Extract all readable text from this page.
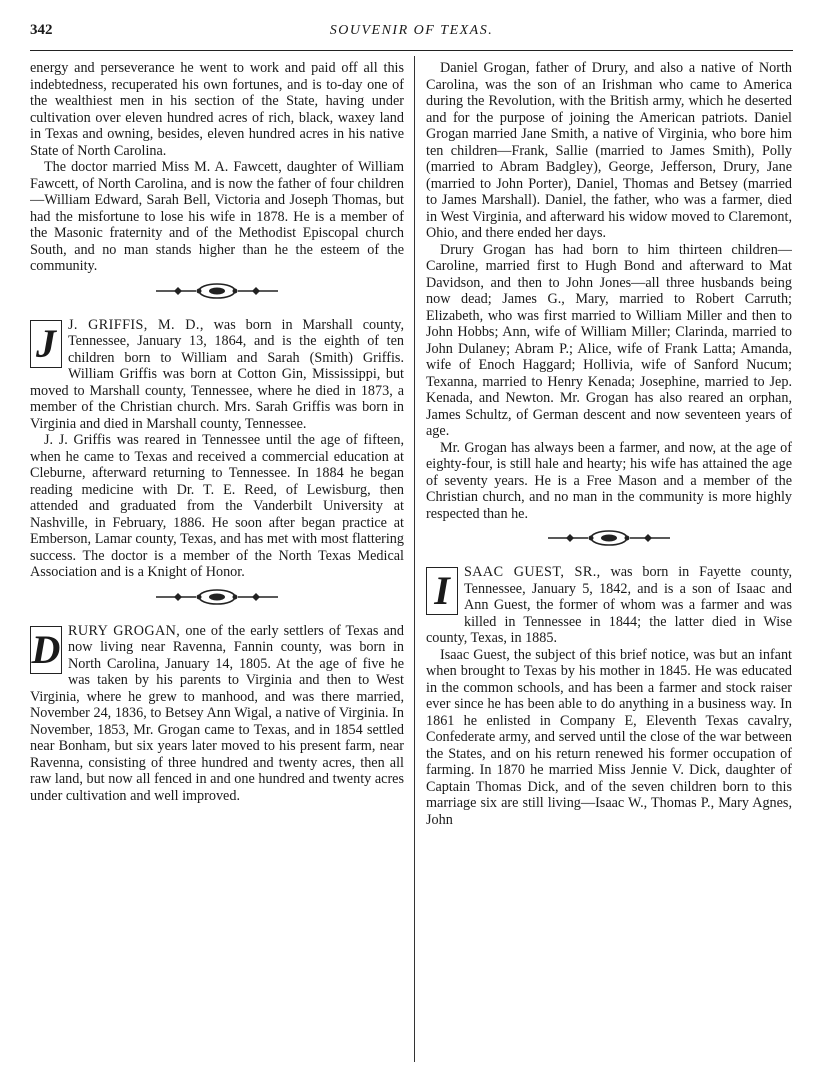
342	SOUVENIR OF TEXAS.

energy and perseverance he went to work and paid off all this indebtedness, recuperated his own fortunes, and is to-day one of the wealthiest men in his section of the State, having under cultivation over eleven hundred acres of rich, black, waxey land in Texas and owning, besides, eleven hundred acres in his native State of North Carolina.

The doctor married Miss M. A. Fawcett, daughter of William Fawcett, of North Carolina, and is now the father of four children—William Edward, Sarah Bell, Victoria and Joseph Thomas, but had the misfortune to lose his wife in 1878. He is a member of the Masonic fraternity and of the Methodist Episcopal church South, and no man stands higher than he the esteem of the community.

J J. GRIFFIS, M. D., was born in Marshall county, Tennessee, January 13, 1864, and is the eighth of ten children born to William and Sarah (Smith) Griffis. William Griffis was born at Cotton Gin, Mississippi, but moved to Marshall county, Tennessee, where he died in 1873, a member of the Christian church. Mrs. Sarah Griffis was born in Virginia and died in Marshall county, Tennessee.

J. J. Griffis was reared in Tennessee until the age of fifteen, when he came to Texas and received a commercial education at Cleburne, afterward returning to Tennessee. In 1884 he began reading medicine with Dr. T. E. Reed, of Lewisburg, then attended and graduated from the Vanderbilt University at Nashville, in February, 1886. He soon after began practice at Emberson, Lamar county, Texas, and has met with most flattering success. The doctor is a member of the North Texas Medical Association and is a Knight of Honor.

D RURY GROGAN, one of the early settlers of Texas and now living near Ravenna, Fannin county, was born in North Carolina, January 14, 1805. At the age of five he was taken by his parents to Virginia and then to West Virginia, where he grew to manhood, and was there married, November 24, 1836, to Betsey Ann Wigal, a native of Virginia. In November, 1853, Mr. Grogan came to Texas, and in 1854 settled near Bonham, but six years later moved to his present farm, near Ravenna, consisting of three hundred and twenty acres, then all raw land, but now all fenced in and one hundred and twenty acres under cultivation and well improved.

Daniel Grogan, father of Drury, and also a native of North Carolina, was the son of an Irishman who came to America during the Revolution, with the British army, which he deserted and for the purpose of joining the American patriots. Daniel Grogan married Jane Smith, a native of Virginia, who bore him ten children—Frank, Sallie (married to James Smith), Polly (married to Abram Badgley), George, Jefferson, Drury, Jane (married to John Porter), Daniel, Thomas and Betsey (married to James Marshall). Daniel, the father, who was a farmer, died in West Virginia, and afterward his widow moved to Claremont, Ohio, and there ended her days.

Drury Grogan has had born to him thirteen children—Caroline, married first to Hugh Bond and afterward to Mat Davidson, and then to John Jones—all three husbands being now dead; James G., Mary, married to Robert Carruth; Elizabeth, who was first married to William Miller and then to John Hobbs; Ann, wife of William Miller; Clarinda, married to John Dulaney; Abram P.; Alice, wife of Frank Latta; Amanda, wife of Enoch Haggard; Hollivia, wife of Sanford Nucum; Texanna, married to Henry Kenada; Josephine, married to Jep. Kenada, and Newton. Mr. Grogan has also reared an orphan, James Schultz, of German descent and now seventeen years of age.

Mr. Grogan has always been a farmer, and now, at the age of eighty-four, is still hale and hearty; his wife has attained the age of seventy years. He is a Free Mason and a member of the Christian church, and no man in the community is more highly respected than he.

I	SAAC GUEST, SR., was born in Fayette county, Tennessee, January 5, 1842, and is a son of Isaac and Ann Guest, the former of whom was a farmer and was killed in Tennessee in 1844; the latter died in Wise county, Texas, in 1885.

Isaac Guest, the subject of this brief notice, was but an infant when brought to Texas by his mother in 1845. He was educated in the common schools, and has been a farmer and stock raiser ever since he has been able to do anything in a business way. In 1861 he enlisted in Company E, Eleventh Texas cavalry, Confederate army, and served until the close of the war between the States, and on his return renewed his former occupation of farming. In 1870 he married Miss Jennie V. Dick, daughter of Captain Thomas Dick, and of the seven children born to this marriage six are still living—Isaac W., Thomas P., Mary Agnes, John
